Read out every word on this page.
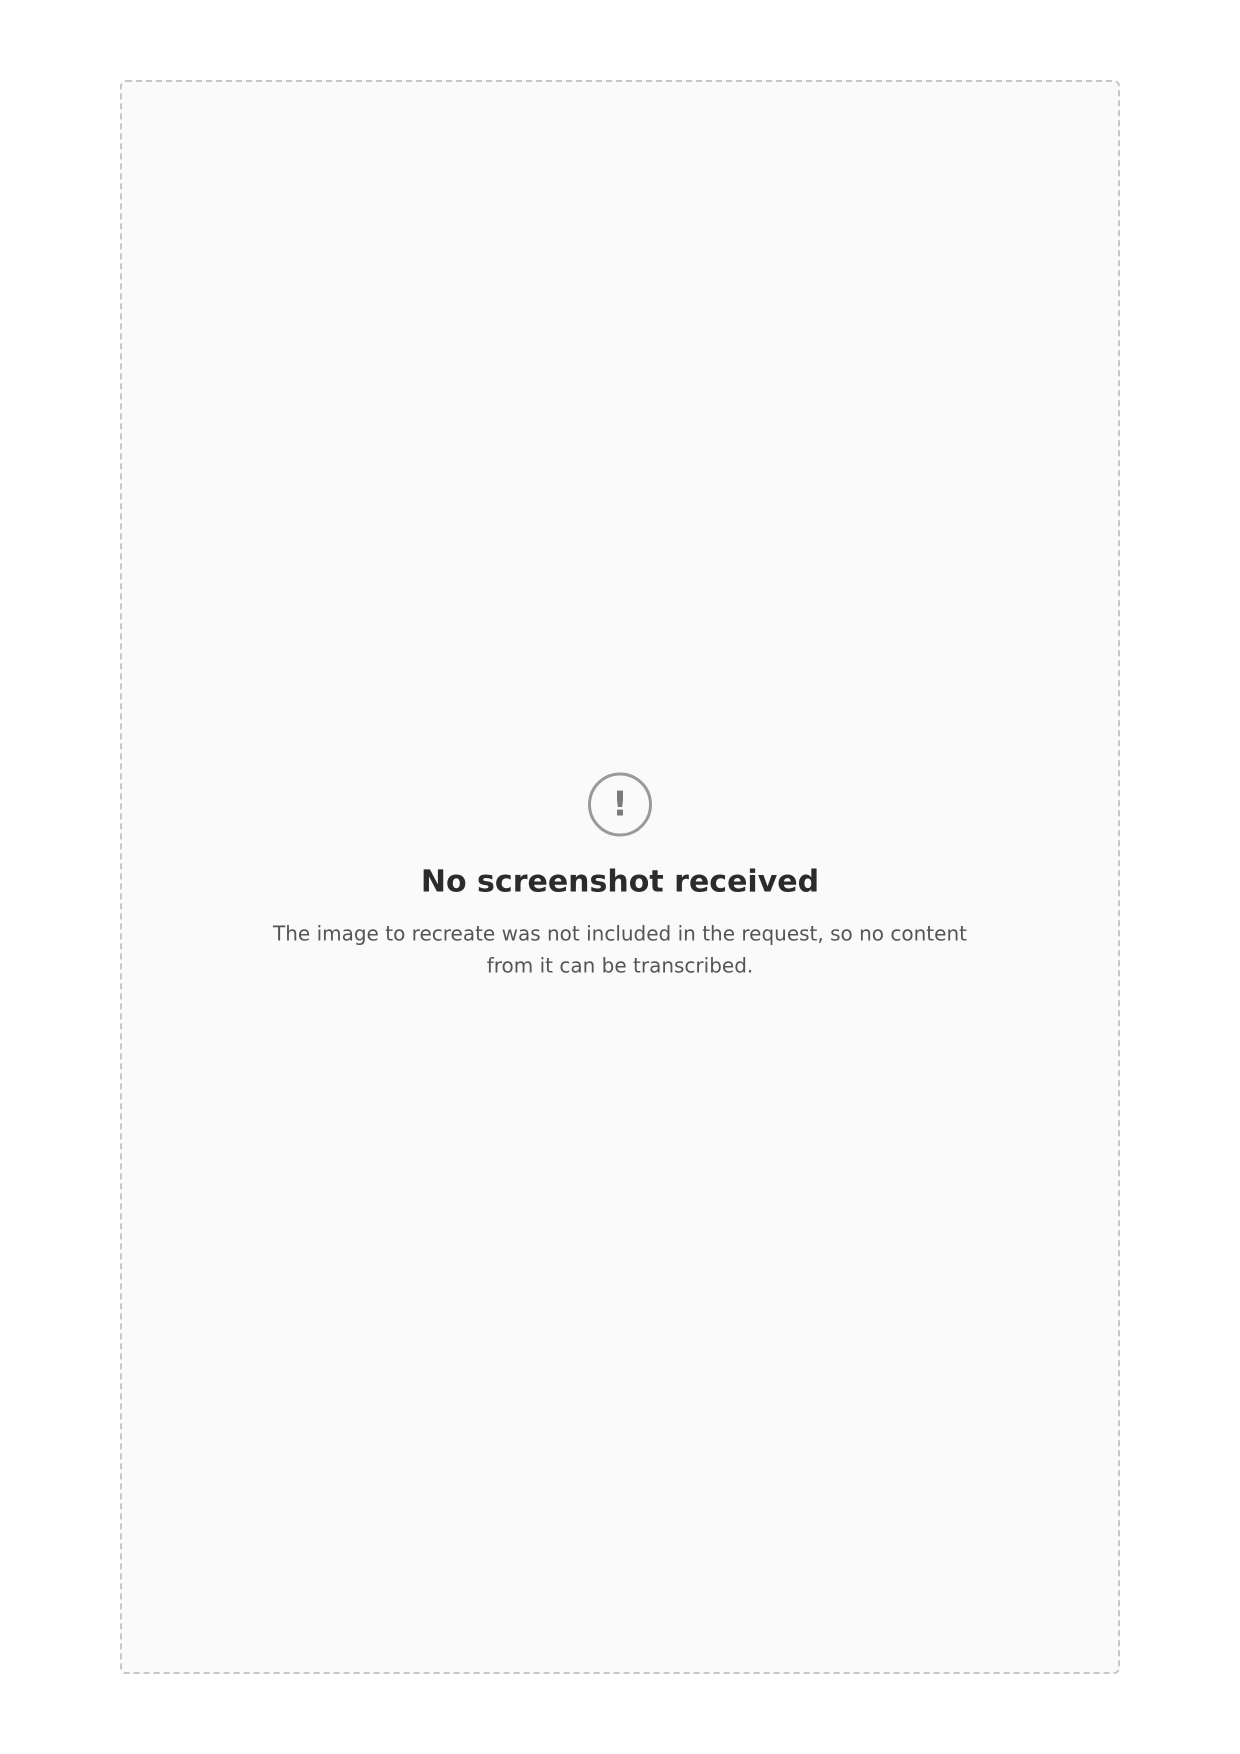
!
No screenshot received

The image to recreate was not included in the request, so no content from it can be transcribed.
